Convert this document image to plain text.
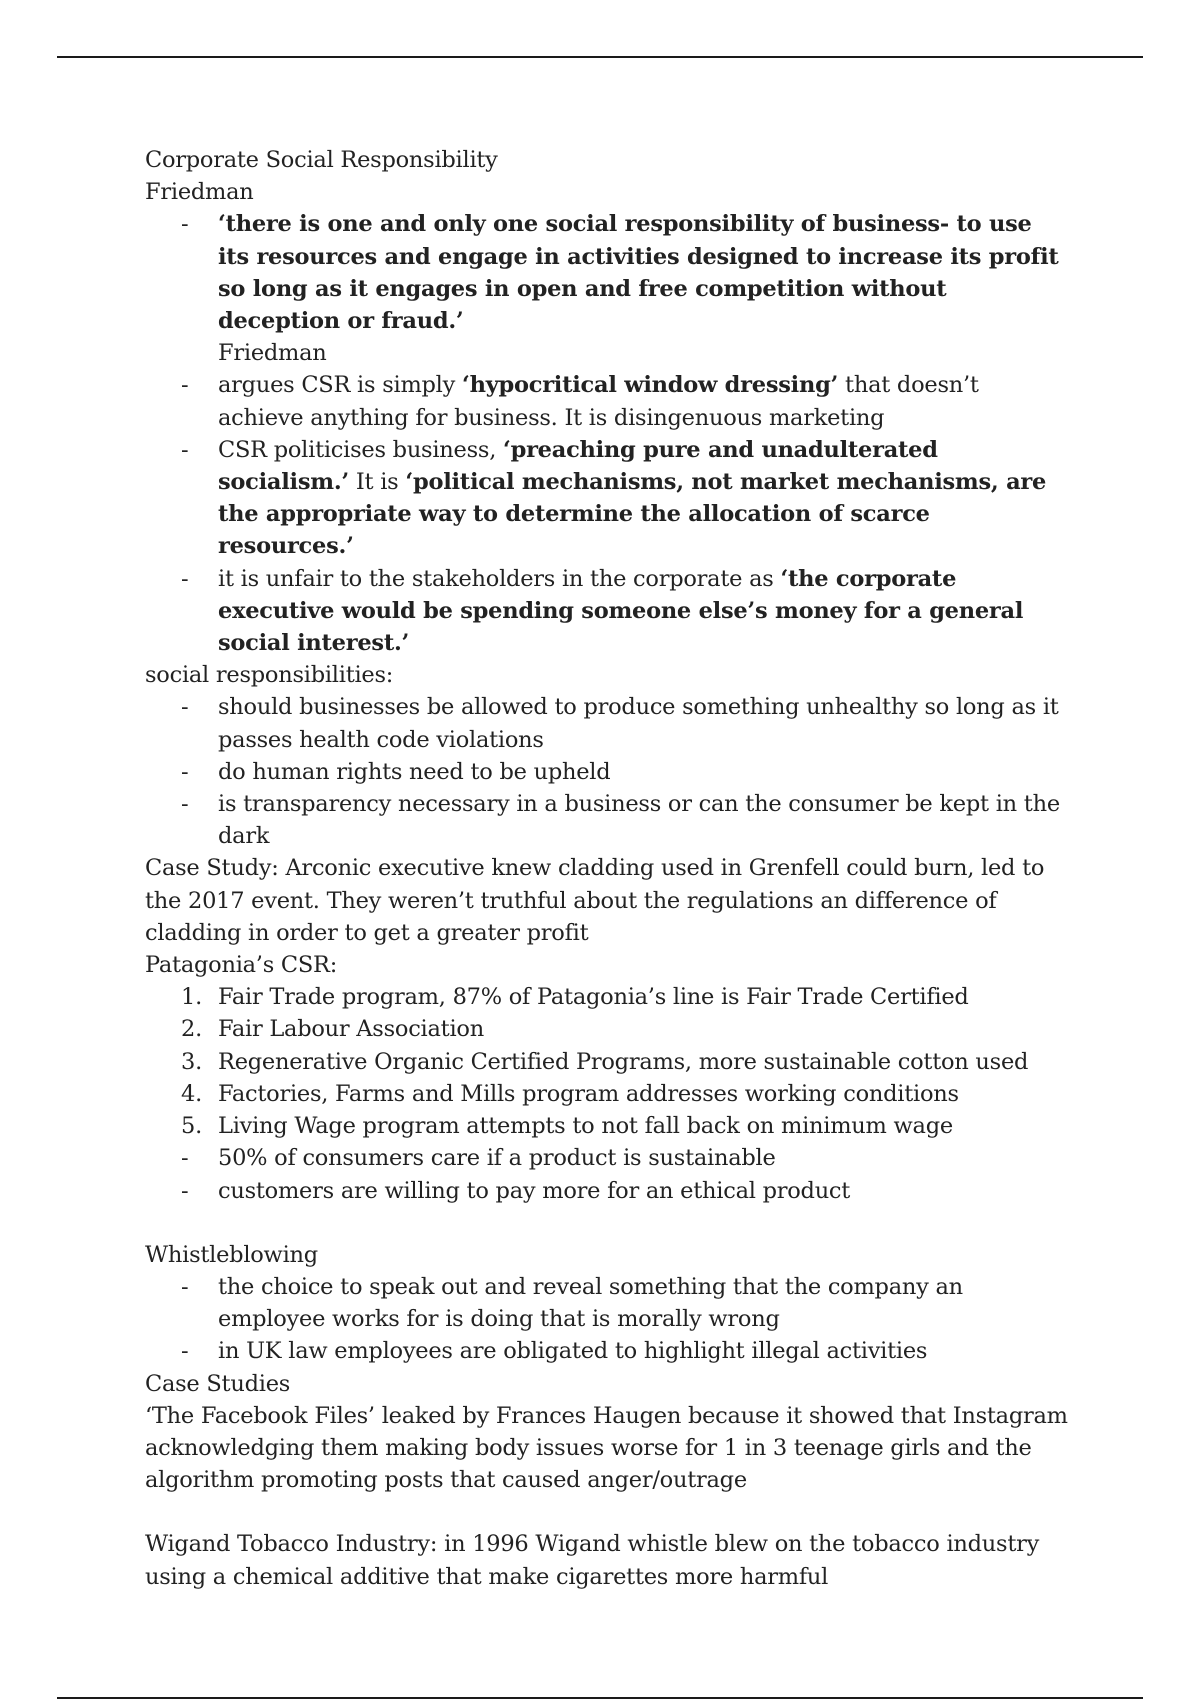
Corporate Social Responsibility

Friedman

- ‘there is one and only one social responsibility of business- to use its resources and engage in activities designed to increase its profit so long as it engages in open and free competition without deception or fraud.’
Friedman
- argues CSR is simply ‘hypocritical window dressing’ that doesn’t achieve anything for business. It is disingenuous marketing
- CSR politicises business, ‘preaching pure and unadulterated socialism.’ It is ‘political mechanisms, not market mechanisms, are the appropriate way to determine the allocation of scarce resources.’
- it is unfair to the stakeholders in the corporate as ‘the corporate executive would be spending someone else’s money for a general social interest.’

social responsibilities:

- should businesses be allowed to produce something unhealthy so long as it passes health code violations
- do human rights need to be upheld
- is transparency necessary in a business or can the consumer be kept in the dark

Case Study: Arconic executive knew cladding used in Grenfell could burn, led to the 2017 event. They weren’t truthful about the regulations an difference of cladding in order to get a greater profit

Patagonia’s CSR:

1. Fair Trade program, 87% of Patagonia’s line is Fair Trade Certified
2. Fair Labour Association
3. Regenerative Organic Certified Programs, more sustainable cotton used
4. Factories, Farms and Mills program addresses working conditions
5. Living Wage program attempts to not fall back on minimum wage
- 50% of consumers care if a product is sustainable
- customers are willing to pay more for an ethical product

Whistleblowing

- the choice to speak out and reveal something that the company an employee works for is doing that is morally wrong
- in UK law employees are obligated to highlight illegal activities

Case Studies

‘The Facebook Files’ leaked by Frances Haugen because it showed that Instagram acknowledging them making body issues worse for 1 in 3 teenage girls and the algorithm promoting posts that caused anger/outrage

Wigand Tobacco Industry: in 1996 Wigand whistle blew on the tobacco industry using a chemical additive that make cigarettes more harmful
